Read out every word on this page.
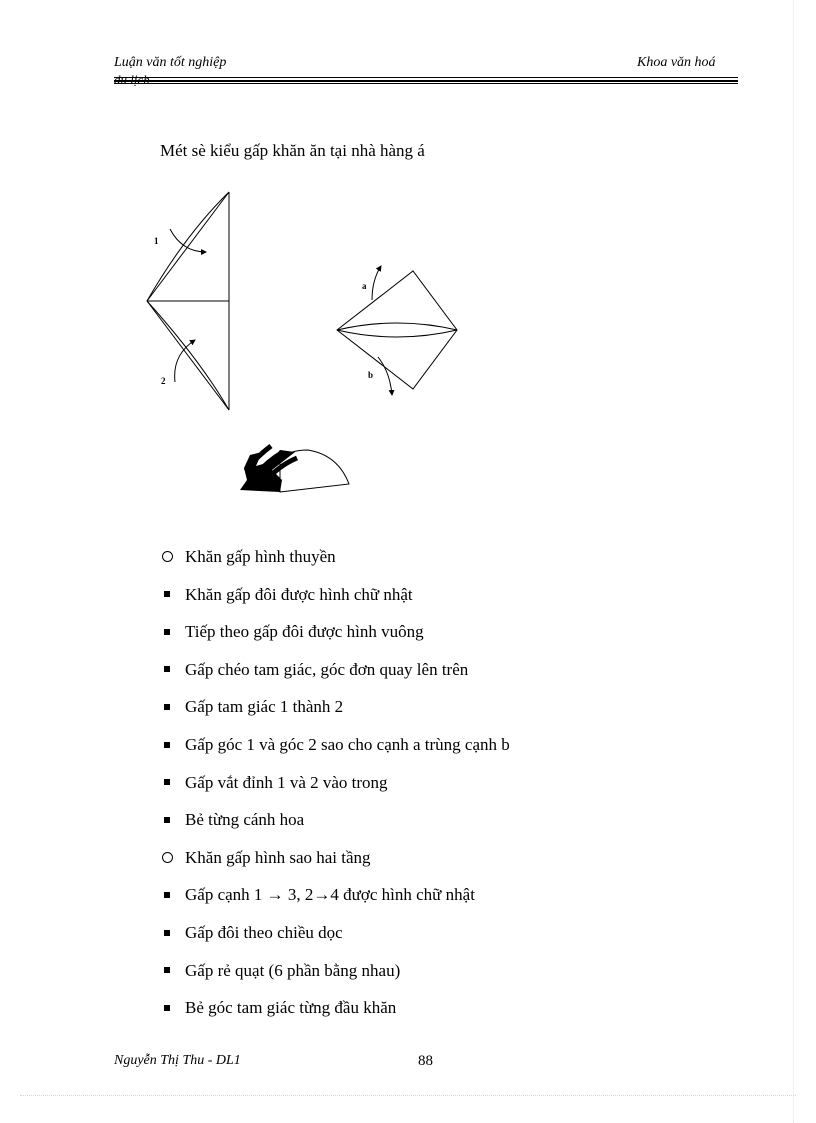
Luận văn tốt nghiệp
du lịch
Khoa văn hoá
Mét sè kiểu gấp khăn ăn tại nhà hàng á
1
2
a
b
Khăn gấp hình thuyền
Khăn gấp đôi được hình chữ nhật
Tiếp theo gấp đôi được hình vuông
Gấp chéo tam giác, góc đơn quay lên trên
Gấp tam giác 1 thành 2
Gấp góc 1 và góc 2 sao cho cạnh a trùng cạnh b
Gấp vắt đỉnh 1 và 2 vào trong
Bẻ từng cánh hoa
Khăn gấp hình sao hai tầng
Gấp cạnh 1 → 3, 2→4 được hình chữ nhật
Gấp đôi theo chiều dọc
Gấp rẻ quạt (6 phần bằng nhau)
Bẻ góc tam giác từng đầu khăn
Nguyễn Thị Thu - DL1	88
